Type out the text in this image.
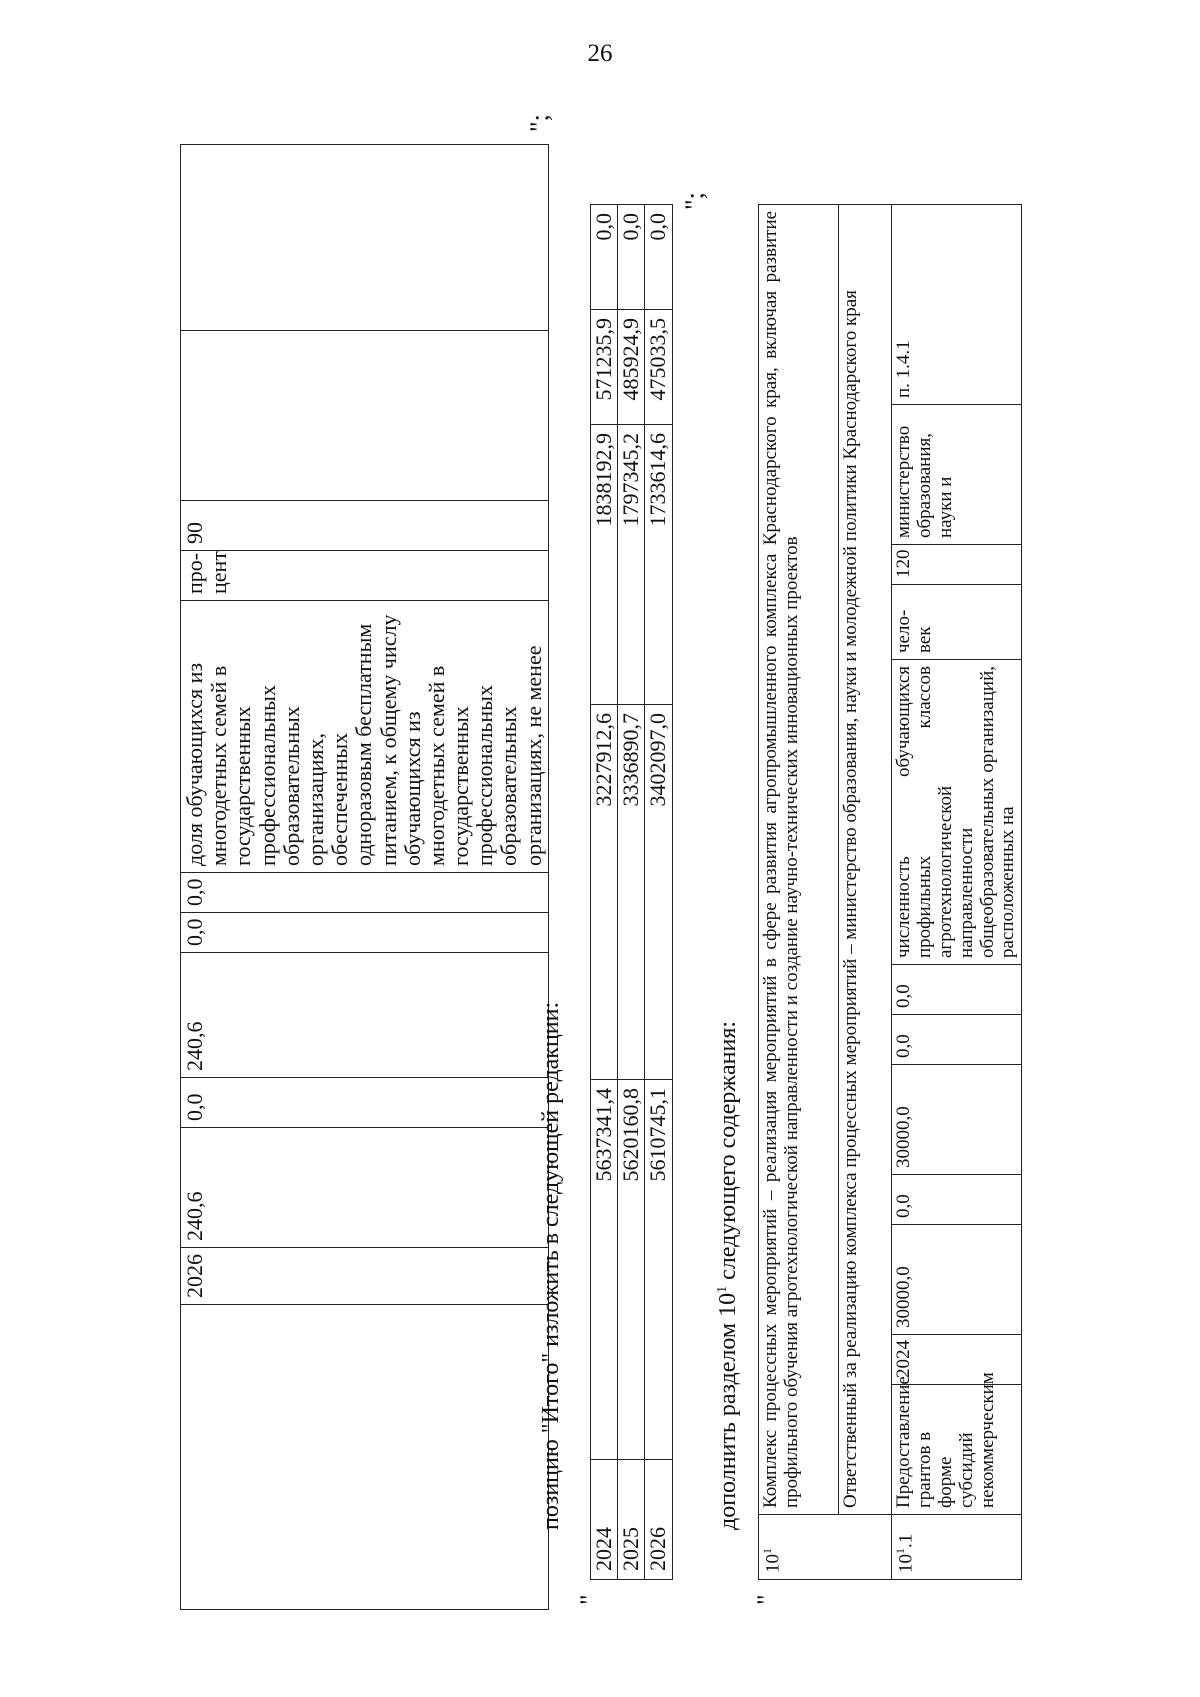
26
	2026	240,6	0,0	240,6	0,0	0,0	доля обучающихся из многодетных семей в государственных профессиональных образовательных организациях, обеспеченных одноразовым бесплатным питанием, к общему числу обучающихся из многодетных семей в государственных профессиональных образовательных организациях, не менее	про-цент	90		
";
"
позицию "Итого" изложить в следующей редакции:
2024	5637341,4	3227912,6	1838192,9	571235,9	0,0
2025	5620160,8	3336890,7	1797345,2	485924,9	0,0
2026	5610745,1	3402097,0	1733614,6	475033,5	0,0
";
"
дополнить разделом $10^1$ следующего содержания:
$10^1$	Комплекс процессных мероприятий – реализация мероприятий в сфере развития агропромышленного комплекса Краснодарского края, включая развитие профильного обучения агротехнологической направленности и создание научно-технических инновационных проектов											
	Ответственный за реализацию комплекса процессных мероприятий – министерство образования, науки и молодежной политики Краснодарского края											
$10^1.1$	Предоставление грантов в форме субсидий некоммерческим	2024	30000,0	0,0	30000,0	0,0	0,0	численность обучающихся профильных классов агротехнологической направленности общеобразовательных организаций, расположенных на	чело-век	120	министерство образования, науки и	п. 1.4.1
